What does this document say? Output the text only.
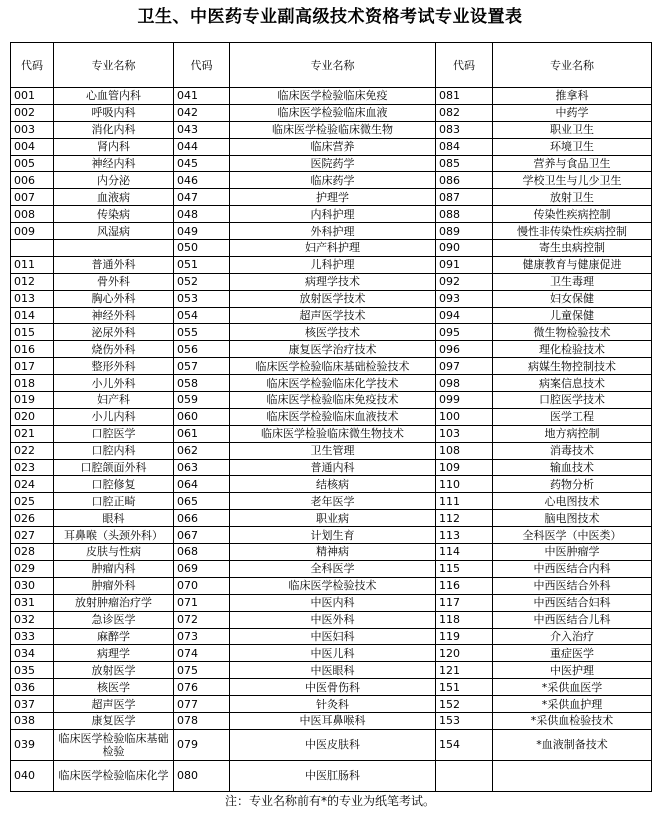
卫生、中医药专业副高级技术资格考试专业设置表
代码	专业名称	代码	专业名称	代码	专业名称
001	心血管内科	041	临床医学检验临床免疫	081	推拿科
002	呼吸内科	042	临床医学检验临床血液	082	中药学
003	消化内科	043	临床医学检验临床微生物	083	职业卫生
004	肾内科	044	临床营养	084	环境卫生
005	神经内科	045	医院药学	085	营养与食品卫生
006	内分泌	046	临床药学	086	学校卫生与儿少卫生
007	血液病	047	护理学	087	放射卫生
008	传染病	048	内科护理	088	传染性疾病控制
009	风湿病	049	外科护理	089	慢性非传染性疾病控制
		050	妇产科护理	090	寄生虫病控制
011	普通外科	051	儿科护理	091	健康教育与健康促进
012	骨外科	052	病理学技术	092	卫生毒理
013	胸心外科	053	放射医学技术	093	妇女保健
014	神经外科	054	超声医学技术	094	儿童保健
015	泌尿外科	055	核医学技术	095	微生物检验技术
016	烧伤外科	056	康复医学治疗技术	096	理化检验技术
017	整形外科	057	临床医学检验临床基础检验技术	097	病媒生物控制技术
018	小儿外科	058	临床医学检验临床化学技术	098	病案信息技术
019	妇产科	059	临床医学检验临床免疫技术	099	口腔医学技术
020	小儿内科	060	临床医学检验临床血液技术	100	医学工程
021	口腔医学	061	临床医学检验临床微生物技术	103	地方病控制
022	口腔内科	062	卫生管理	108	消毒技术
023	口腔颌面外科	063	普通内科	109	输血技术
024	口腔修复	064	结核病	110	药物分析
025	口腔正畸	065	老年医学	111	心电图技术
026	眼科	066	职业病	112	脑电图技术
027	耳鼻喉（头颈外科）	067	计划生育	113	全科医学（中医类）
028	皮肤与性病	068	精神病	114	中医肿瘤学
029	肿瘤内科	069	全科医学	115	中西医结合内科
030	肿瘤外科	070	临床医学检验技术	116	中西医结合外科
031	放射肿瘤治疗学	071	中医内科	117	中西医结合妇科
032	急诊医学	072	中医外科	118	中西医结合儿科
033	麻醉学	073	中医妇科	119	介入治疗
034	病理学	074	中医儿科	120	重症医学
035	放射医学	075	中医眼科	121	中医护理
036	核医学	076	中医骨伤科	151	*采供血医学
037	超声医学	077	针灸科	152	*采供血护理
038	康复医学	078	中医耳鼻喉科	153	*采供血检验技术
039	临床医学检验临床基础检验	079	中医皮肤科	154	*血液制备技术
040	临床医学检验临床化学	080	中医肛肠科		
注：专业名称前有*的专业为纸笔考试。
